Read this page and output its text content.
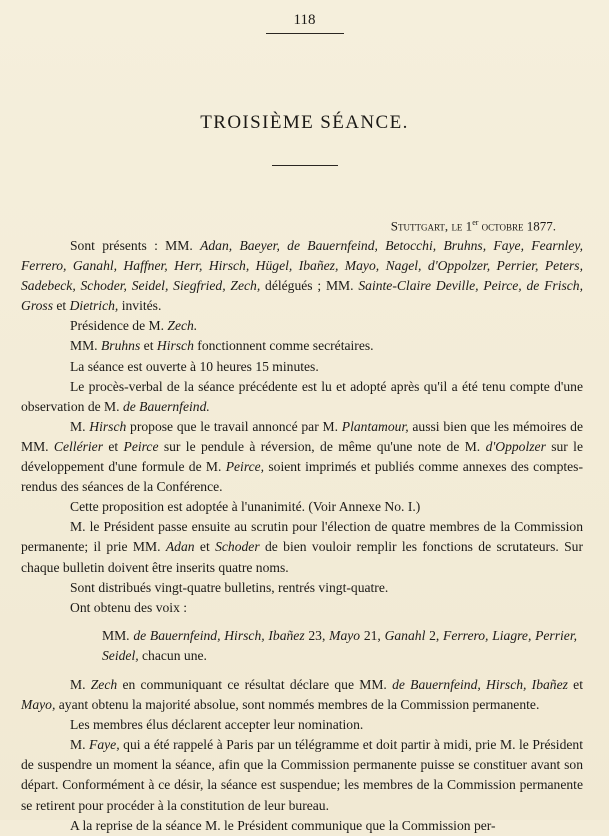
118
TROISIÈME SÉANCE.
Stuttgart, le 1er octobre 1877.

Sont présents : MM. Adan, Baeyer, de Bauernfeind, Betocchi, Bruhns, Faye, Fearnley, Ferrero, Ganahl, Haffner, Herr, Hirsch, Hügel, Ibañez, Mayo, Nagel, d'Oppolzer, Perrier, Peters, Sadebeck, Schoder, Seidel, Siegfried, Zech, délégués ; MM. Sainte-Claire Deville, Peirce, de Frisch, Gross et Dietrich, invités.

Présidence de M. Zech.

MM. Bruhns et Hirsch fonctionnent comme secrétaires.

La séance est ouverte à 10 heures 15 minutes.

Le procès-verbal de la séance précédente est lu et adopté après qu'il a été tenu compte d'une observation de M. de Bauernfeind.

M. Hirsch propose que le travail annoncé par M. Plantamour, aussi bien que les mémoires de MM. Cellérier et Peirce sur le pendule à réversion, de même qu'une note de M. d'Oppolzer sur le développement d'une formule de M. Peirce, soient imprimés et publiés comme annexes des comptes-rendus des séances de la Conférence.

Cette proposition est adoptée à l'unanimité. (Voir Annexe No. I.)

M. le Président passe ensuite au scrutin pour l'élection de quatre membres de la Commission permanente; il prie MM. Adan et Schoder de bien vouloir remplir les fonctions de scrutateurs. Sur chaque bulletin doivent être inserits quatre noms.

Sont distribués vingt-quatre bulletins, rentrés vingt-quatre.

Ont obtenu des voix :

MM. de Bauernfeind, Hirsch, Ibañez 23, Mayo 21, Ganahl 2, Ferrero, Liagre, Perrier, Seidel, chacun une.

M. Zech en communiquant ce résultat déclare que MM. de Bauernfeind, Hirsch, Ibañez et Mayo, ayant obtenu la majorité absolue, sont nommés membres de la Commission permanente.

Les membres élus déclarent accepter leur nomination.

M. Faye, qui a été rappelé à Paris par un télégramme et doit partir à midi, prie M. le Président de suspendre un moment la séance, afin que la Commission permanente puisse se constituer avant son départ. Conformément à ce désir, la séance est suspendue; les membres de la Commission permanente se retirent pour procéder à la constitution de leur bureau.

A la reprise de la séance M. le Président communique que la Commission per-
